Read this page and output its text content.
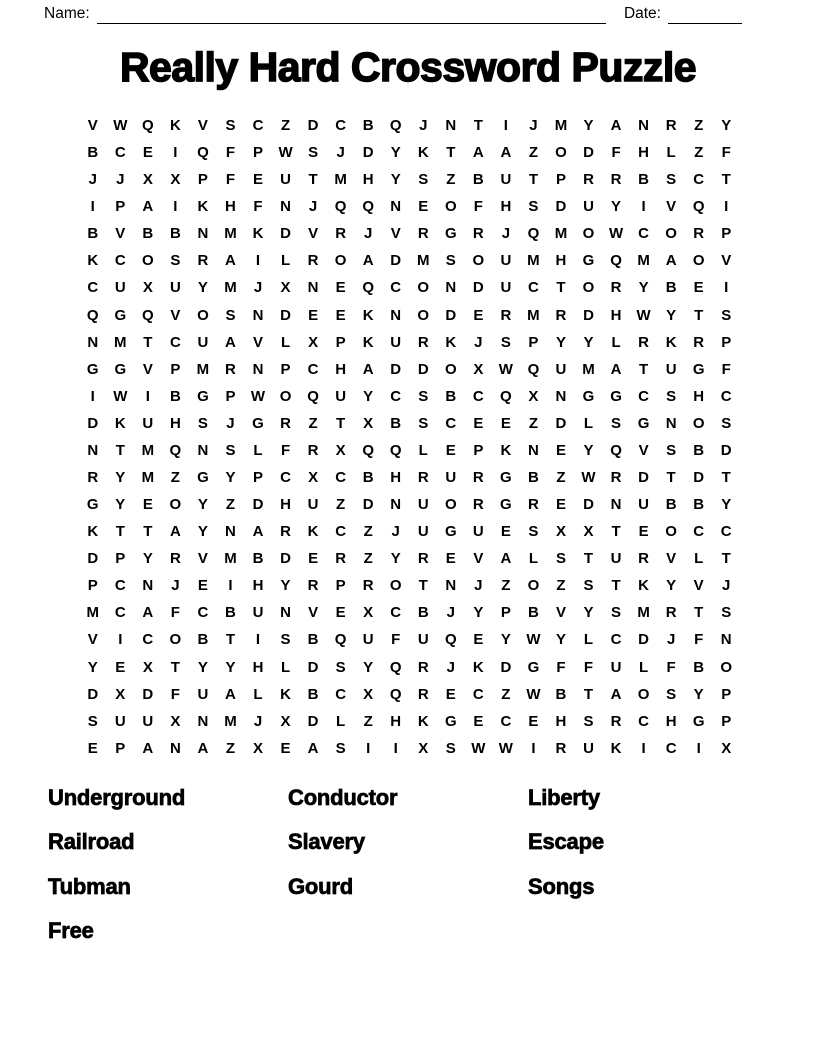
Name:	Date:
Really Hard Crossword Puzzle
V	W Q	K	V	S	C	Z	D	C	B	Q	J	N	T	I	J	M	Y	A	N	R	Z	Y
B	C	E	I	Q	F	P	W	S	J	D	Y	K	T	A	A	Z	O	D	F	H	L	Z	F
J	J	X	X	P	F	E	U	T	M	H	Y	S	Z	B	U	T	P	R	R	B	S	C	T
I	P	A	I	K	H	F	N	J	Q	Q	N	E	O	F	H	S	D	U	Y	I	V	Q	I
B	V	B	B	N	M	K	D	V	R	J	V	R	G	R	J	Q	M	O W	C	O	R	P
K	C	O	S	R	A	I	L	R	O	A	D	M	S	O	U	M	H	G	Q	M	A	O	V
C	U	X	U	Y	M	J	X	N	E	Q	C	O	N	D	U	C	T	O	R	Y	B	E	I
Q	G	Q	V	O	S	N	D	E	E	K	N	O	D	E	R	M	R	D	H	W	Y	T	S
N	M	T	C	U	A	V	L	X	P	K	U	R	K	J	S	P	Y	Y	L	R	K	R	P
G	G	V	P	M	R	N	P	C	H	A	D	D	O	X	W Q	U	M	A	T	U	G	F
I	W	I	B	G	P	W O	Q	U	Y	C	S	B	C	Q	X	N	G	G	C	S	H	C
D	K	U	H	S	J	G	R	Z	T	X	B	S	C	E	E	Z	D	L	S	G	N	O	S
N	T	M	Q	N	S	L	F	R	X	Q	Q	L	E	P	K	N	E	Y	Q	V	S	B	D
R	Y	M	Z	G	Y	P	C	X	C	B	H	R	U	R	G	B	Z	W	R	D	T	D	T
G	Y	E	O	Y	Z	D	H	U	Z	D	N	U	O	R	G	R	E	D	N	U	B	B	Y
K	T	T	A	Y	N	A	R	K	C	Z	J	U	G	U	E	S	X	X	T	E	O	C	C
D	P	Y	R	V	M	B	D	E	R	Z	Y	R	E	V	A	L	S	T	U	R	V	L	T
P	C	N	J	E	I	H	Y	R	P	R	O	T	N	J	Z	O	Z	S	T	K	Y	V	J
M	C	A	F	C	B	U	N	V	E	X	C	B	J	Y	P	B	V	Y	S	M	R	T	S
V	I	C	O	B	T	I	S	B	Q	U	F	U	Q	E	Y	W	Y	L	C	D	J	F	N
Y	E	X	T	Y	Y	H	L	D	S	Y	Q	R	J	K	D	G	F	F	U	L	F	B	O
D	X	D	F	U	A	L	K	B	C	X	Q	R	E	C	Z	W	B	T	A	O	S	Y	P
S	U	U	X	N	M	J	X	D	L	Z	H	K	G	E	C	E	H	S	R	C	H	G	P
E	P	A	N	A	Z	X	E	A	S	I	I	X	S	W W	I	R	U	K	I	C	I	X
Underground
Railroad
Tubman
Free
Conductor
Slavery
Gourd
Liberty
Escape
Songs
